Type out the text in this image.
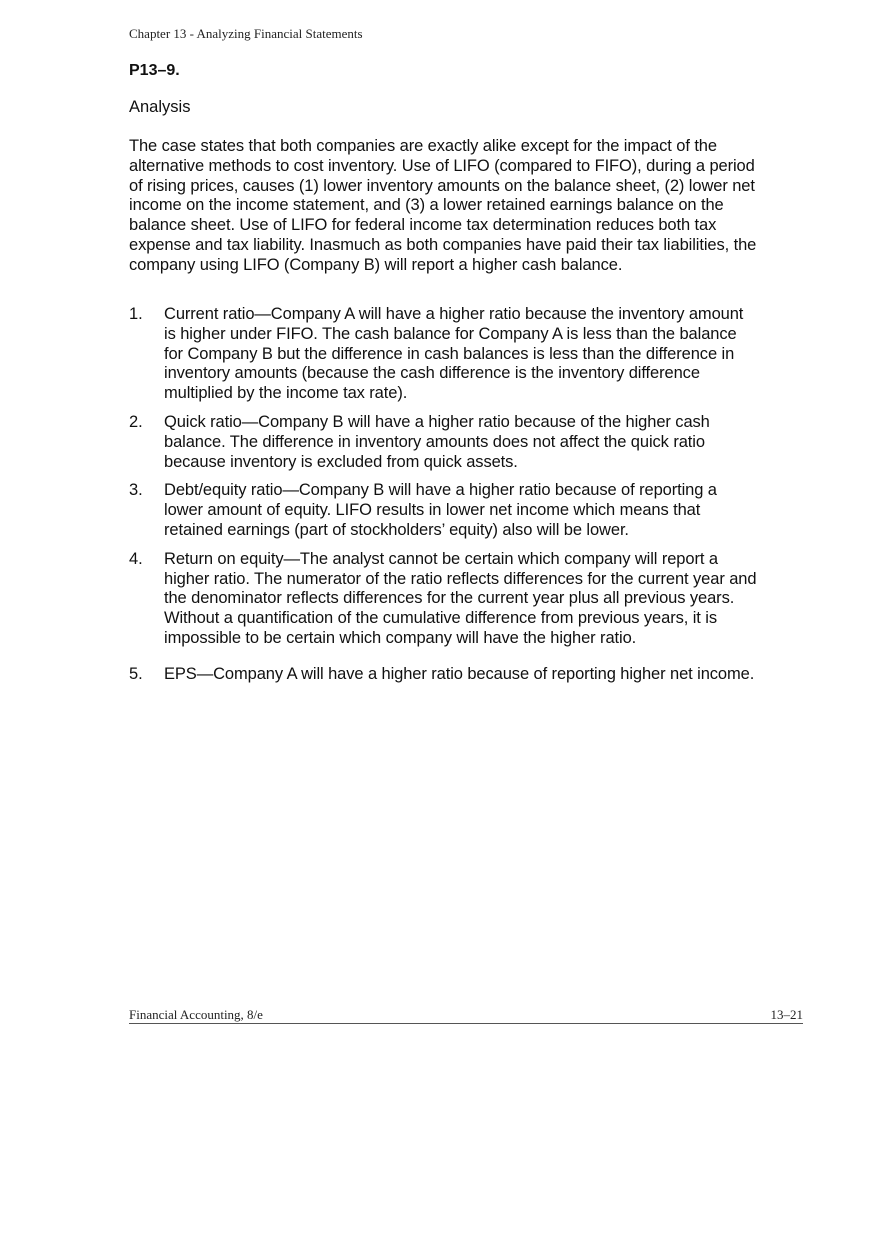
Chapter 13 - Analyzing Financial Statements
P13–9.
Analysis
The case states that both companies are exactly alike except for the impact of the alternative methods to cost inventory. Use of LIFO (compared to FIFO), during a period of rising prices, causes (1) lower inventory amounts on the balance sheet, (2) lower net income on the income statement, and (3) a lower retained earnings balance on the balance sheet. Use of LIFO for federal income tax determination reduces both tax expense and tax liability. Inasmuch as both companies have paid their tax liabilities, the company using LIFO (Company B) will report a higher cash balance.
1.	Current ratio—Company A will have a higher ratio because the inventory amount is higher under FIFO. The cash balance for Company A is less than the balance for Company B but the difference in cash balances is less than the difference in inventory amounts (because the cash difference is the inventory difference multiplied by the income tax rate).
2.	Quick ratio—Company B will have a higher ratio because of the higher cash balance. The difference in inventory amounts does not affect the quick ratio because inventory is excluded from quick assets.
3.	Debt/equity ratio—Company B will have a higher ratio because of reporting a lower amount of equity. LIFO results in lower net income which means that retained earnings (part of stockholders’ equity) also will be lower.
4.	Return on equity—The analyst cannot be certain which company will report a higher ratio. The numerator of the ratio reflects differences for the current year and the denominator reflects differences for the current year plus all previous years. Without a quantification of the cumulative difference from previous years, it is impossible to be certain which company will have the higher ratio.
5.	EPS—Company A will have a higher ratio because of reporting higher net income.
Financial Accounting, 8/e	13–21
